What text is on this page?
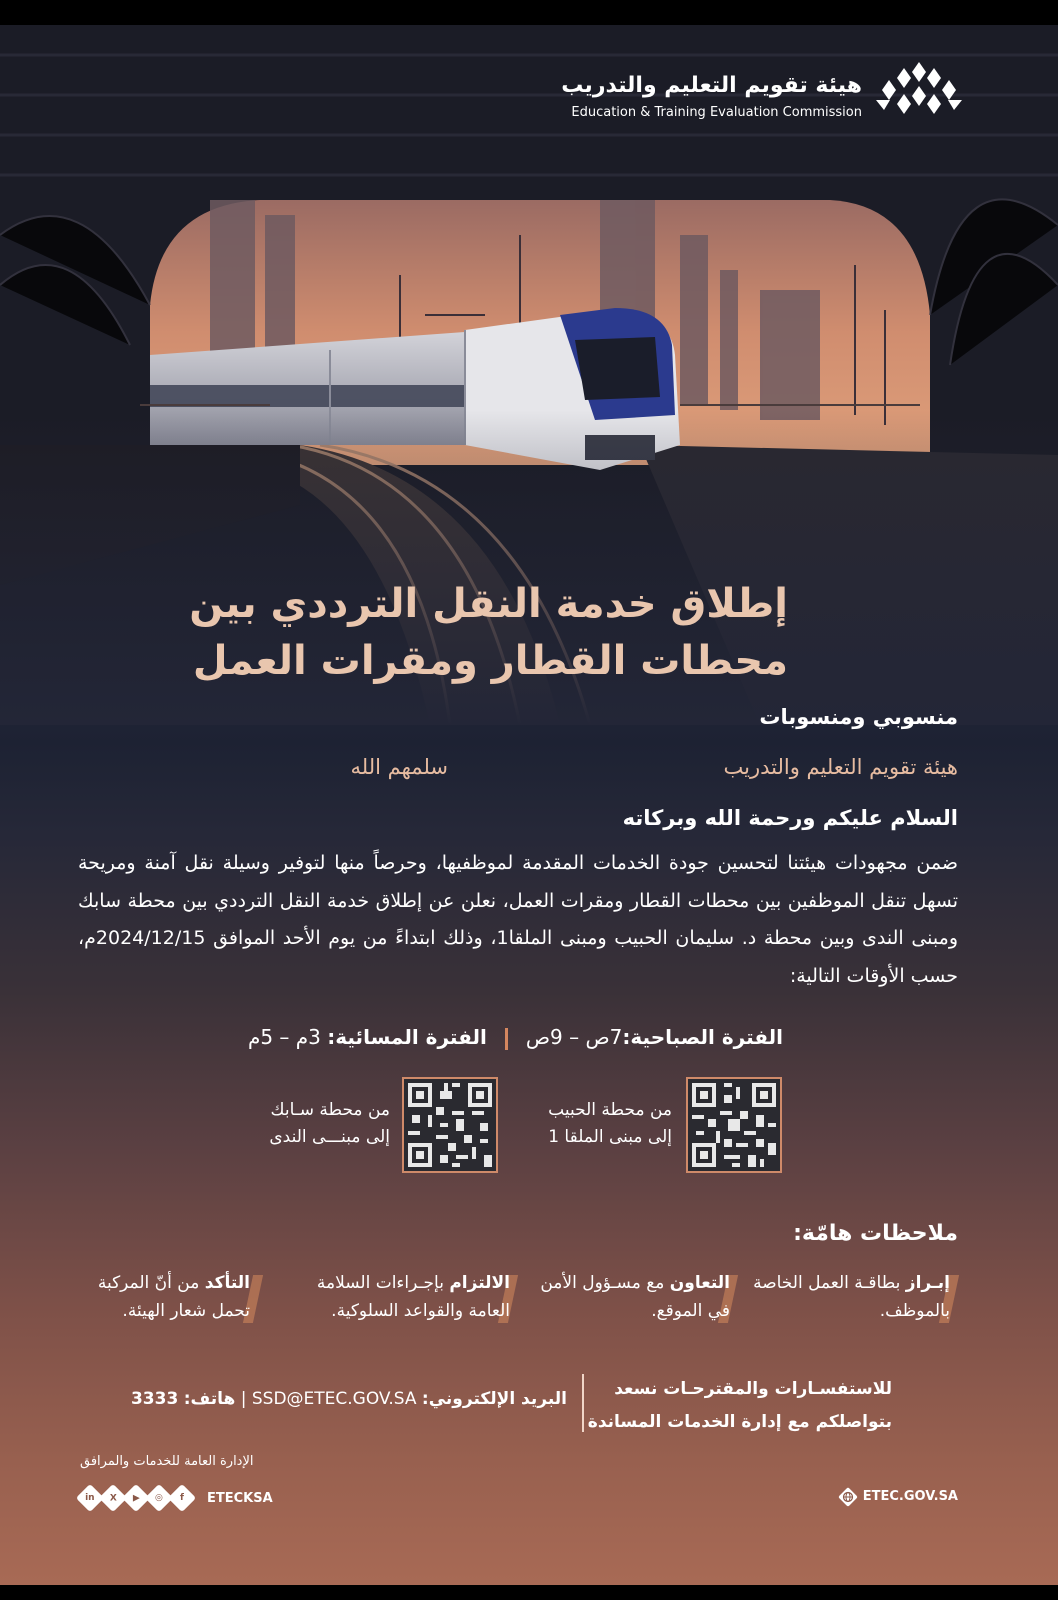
هيئة تقويم التعليم والتدريب
Education & Training Evaluation Commission
إطلاق خدمة النقل الترددي بين
محطات القطار ومقرات العمل
منسوبي ومنسوبات
هيئة تقويم التعليم والتدريب
سلمهم الله
السلام عليكم ورحمة الله وبركاته
ضمن مجهودات هيئتنا لتحسين جودة الخدمات المقدمة لموظفيها، وحرصاً منها لتوفير وسيلة نقل آمنة ومريحة تسهل تنقل الموظفين بين محطات القطار ومقرات العمل، نعلن عن إطلاق خدمة النقل الترددي بين محطة سابك ومبنى الندى وبين محطة د. سليمان الحبيب ومبنى الملقا1، وذلك ابتداءً من يوم الأحد الموافق 2024/12/15م، حسب الأوقات التالية:
الفترة الصباحية:7ص – 9صالفترة المسائية: 3م – 5م
من محطة الحبيب
إلى مبنى الملقا 1
من محطة سـابك
إلى مبنـــى الندى
ملاحظات هامّة:
إبـراز بطاقـة العمل الخاصة بالموظف.
التعاون مع مسـؤول الأمن في الموقع.
الالتزام بإجـراءات السلامة العامة والقواعد السلوكية.
التأكد من أنّ المركبة تحمل شعار الهيئة.
للاستفسـارات والمقترحـات نسعد
بتواصلكم مع إدارة الخدمات المساندة
البريد الإلكتروني: SSD@ETEC.GOV.SA | هاتف: 3333
الإدارة العامة للخدمات والمرافق
in X ▶ ◎ f ETECKSA	ETEC.GOV.SA
